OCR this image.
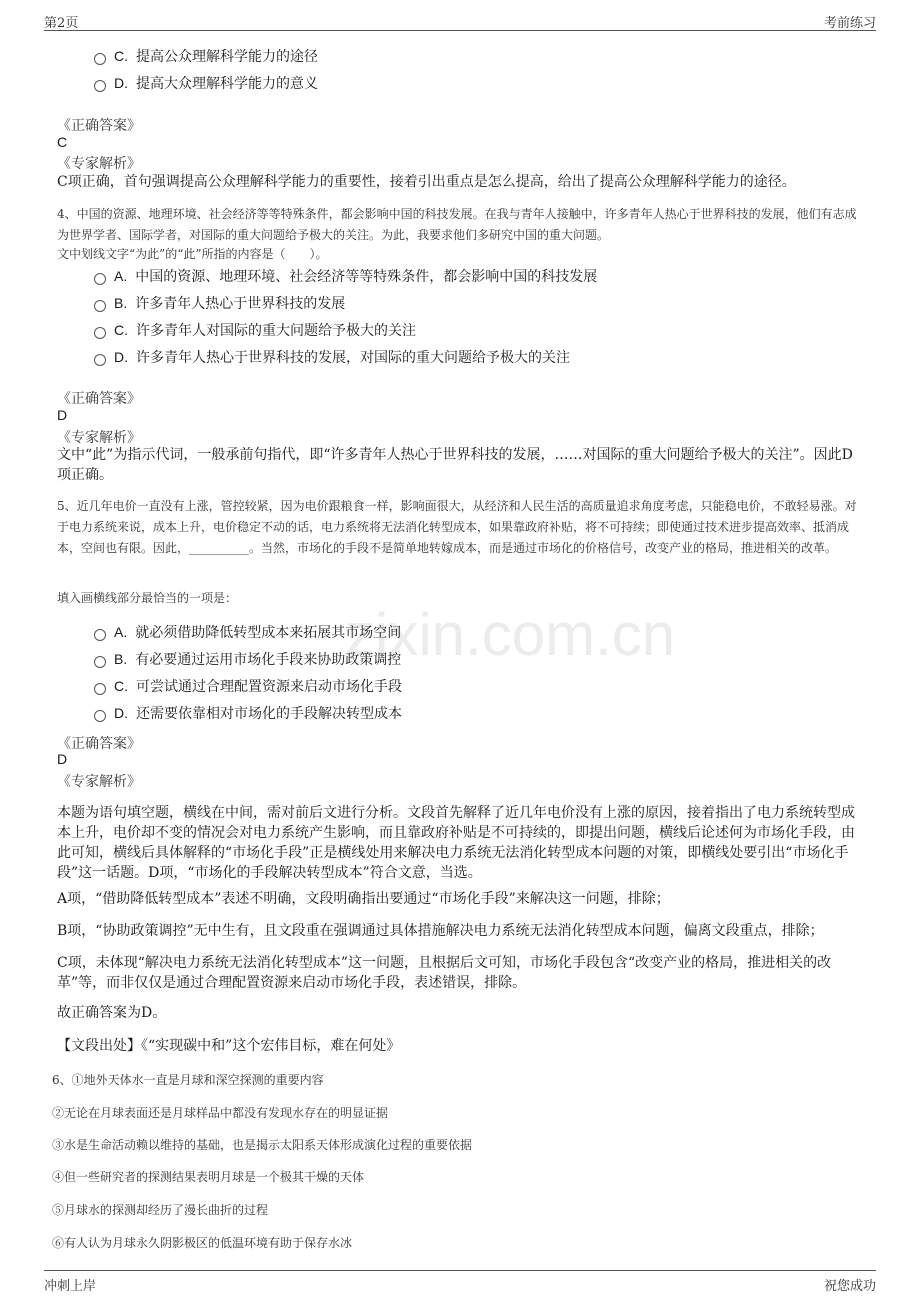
第2页	考前练习
zixin.com.cn
C. 提高公众理解科学能力的途径
D. 提高大众理解科学能力的意义
《正确答案》
C
《专家解析》
C项正确，首句强调提高公众理解科学能力的重要性，接着引出重点是怎么提高，给出了提高公众理解科学能力的途径。
4、中国的资源、地理环境、社会经济等等特殊条件，都会影响中国的科技发展。在我与青年人接触中，许多青年人热心于世界科技的发展，他们有志成为世界学者、国际学者，对国际的重大问题给予极大的关注。为此，我要求他们多研究中国的重大问题。
文中划线文字“为此”的“此”所指的内容是（　　）。
A. 中国的资源、地理环境、社会经济等等特殊条件，都会影响中国的科技发展
B. 许多青年人热心于世界科技的发展
C. 许多青年人对国际的重大问题给予极大的关注
D. 许多青年人热心于世界科技的发展，对国际的重大问题给予极大的关注
《正确答案》
D
《专家解析》
文中“此”为指示代词，一般承前句指代，即“许多青年人热心于世界科技的发展，……对国际的重大问题给予极大的关注”。因此D项正确。
5、近几年电价一直没有上涨，管控较紧，因为电价跟粮食一样，影响面很大，从经济和人民生活的高质量追求角度考虑，只能稳电价，不敢轻易涨。对于电力系统来说，成本上升，电价稳定不动的话，电力系统将无法消化转型成本，如果靠政府补贴，将不可持续；即使通过技术进步提高效率、抵消成本，空间也有限。因此，__________。当然，市场化的手段不是简单地转嫁成本，而是通过市场化的价格信号，改变产业的格局，推进相关的改革。
填入画横线部分最恰当的一项是：
A. 就必须借助降低转型成本来拓展其市场空间
B. 有必要通过运用市场化手段来协助政策调控
C. 可尝试通过合理配置资源来启动市场化手段
D. 还需要依靠相对市场化的手段解决转型成本
《正确答案》
D
《专家解析》
本题为语句填空题，横线在中间，需对前后文进行分析。文段首先解释了近几年电价没有上涨的原因，接着指出了电力系统转型成本上升，电价却不变的情况会对电力系统产生影响，而且靠政府补贴是不可持续的，即提出问题，横线后论述何为市场化手段，由此可知，横线后具体解释的“市场化手段”正是横线处用来解决电力系统无法消化转型成本问题的对策，即横线处要引出“市场化手段”这一话题。D项，“市场化的手段解决转型成本”符合文意，当选。
A项，“借助降低转型成本”表述不明确，文段明确指出要通过“市场化手段”来解决这一问题，排除；
B项，“协助政策调控”无中生有，且文段重在强调通过具体措施解决电力系统无法消化转型成本问题，偏离文段重点，排除；
C项，未体现“解决电力系统无法消化转型成本”这一问题，且根据后文可知，市场化手段包含“改变产业的格局，推进相关的改革”等，而非仅仅是通过合理配置资源来启动市场化手段，表述错误，排除。
故正确答案为D。
【文段出处】《“实现碳中和”这个宏伟目标，难在何处》
6、①地外天体水一直是月球和深空探测的重要内容
②无论在月球表面还是月球样品中都没有发现水存在的明显证据
③水是生命活动赖以维持的基础，也是揭示太阳系天体形成演化过程的重要依据
④但一些研究者的探测结果表明月球是一个极其干燥的天体
⑤月球水的探测却经历了漫长曲折的过程
⑥有人认为月球永久阴影极区的低温环境有助于保存水冰
冲刺上岸	祝您成功
